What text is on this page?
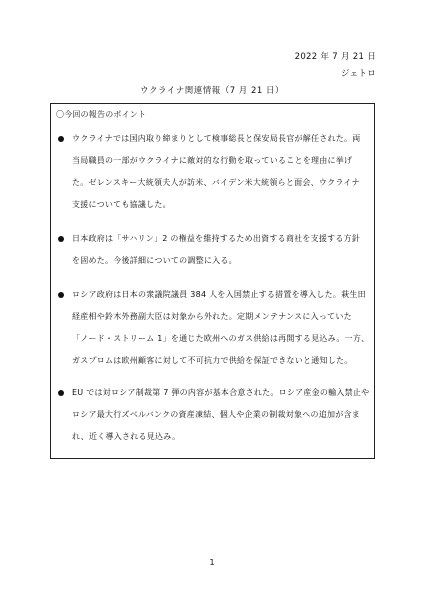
2022 年 7 月 21 日
ジェトロ
ウクライナ関連情報（7 月 21 日）
〇今回の報告のポイント
ウクライナでは国内取り締まりとして検事総長と保安局長官が解任された。両
当局職員の一部がウクライナに敵対的な行動を取っていることを理由に挙げ
た。ゼレンスキー大統領夫人が訪米、バイデン米大統領らと面会、ウクライナ
支援についても協議した。
日本政府は「サハリン」2 の権益を維持するため出資する商社を支援する方針
を固めた。今後詳細についての調整に入る。
ロシア政府は日本の衆議院議員 384 人を入国禁止する措置を導入した。萩生田
経産相や鈴木外務副大臣は対象から外れた。定期メンテナンスに入っていた
「ノード・ストリーム 1」を通じた欧州へのガス供給は再開する見込み。一方、
ガスプロムは欧州顧客に対して不可抗力で供給を保証できないと通知した。
EU では対ロシア制裁第 7 弾の内容が基本合意された。ロシア産金の輸入禁止や
ロシア最大行ズベルバンクの資産凍結、個人や企業の制裁対象への追加が含ま
れ、近く導入される見込み。
1
